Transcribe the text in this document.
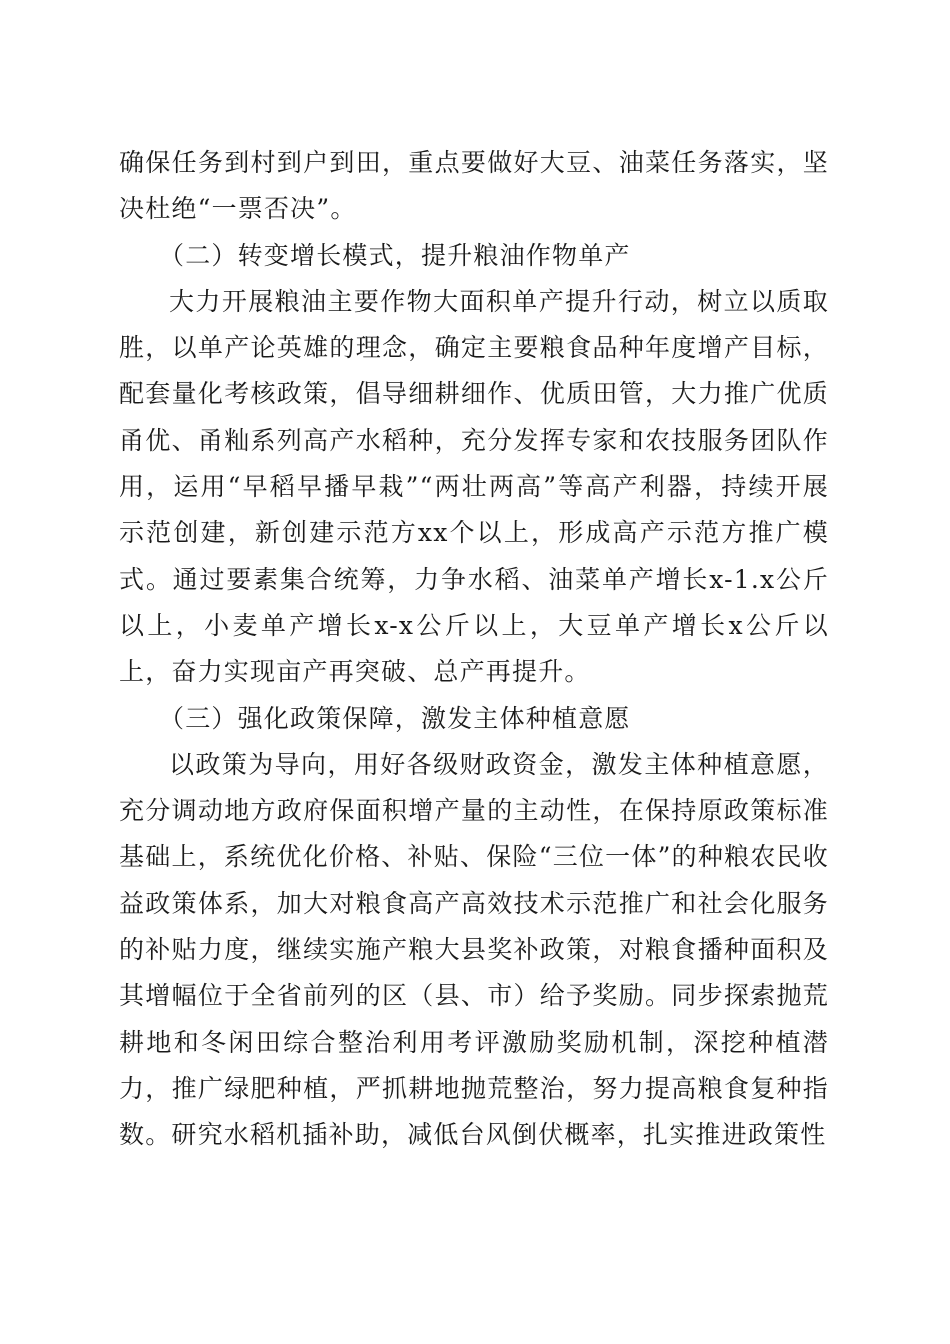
确保任务到村到户到田，重点要做好大豆、油菜任务落实，坚决杜绝“一票否决”。

（二）转变增长模式，提升粮油作物单产

大力开展粮油主要作物大面积单产提升行动，树立以质取胜，以单产论英雄的理念，确定主要粮食品种年度增产目标，配套量化考核政策，倡导细耕细作、优质田管，大力推广优质甬优、甬籼系列高产水稻种，充分发挥专家和农技服务团队作用，运用“早稻早播早栽”“两壮两高”等高产利器，持续开展示范创建，新创建示范方xx个以上，形成高产示范方推广模式。通过要素集合统筹，力争水稻、油菜单产增长x-1.x公斤以上，小麦单产增长x-x公斤以上，大豆单产增长x公斤以上，奋力实现亩产再突破、总产再提升。

（三）强化政策保障，激发主体种植意愿

以政策为导向，用好各级财政资金，激发主体种植意愿，充分调动地方政府保面积增产量的主动性，在保持原政策标准基础上，系统优化价格、补贴、保险“三位一体”的种粮农民收益政策体系，加大对粮食高产高效技术示范推广和社会化服务的补贴力度，继续实施产粮大县奖补政策，对粮食播种面积及其增幅位于全省前列的区（县、市）给予奖励。同步探索抛荒耕地和冬闲田综合整治利用考评激励奖励机制，深挖种植潜力，推广绿肥种植，严抓耕地抛荒整治，努力提高粮食复种指数。研究水稻机插补助，减低台风倒伏概率，扎实推进政策性
